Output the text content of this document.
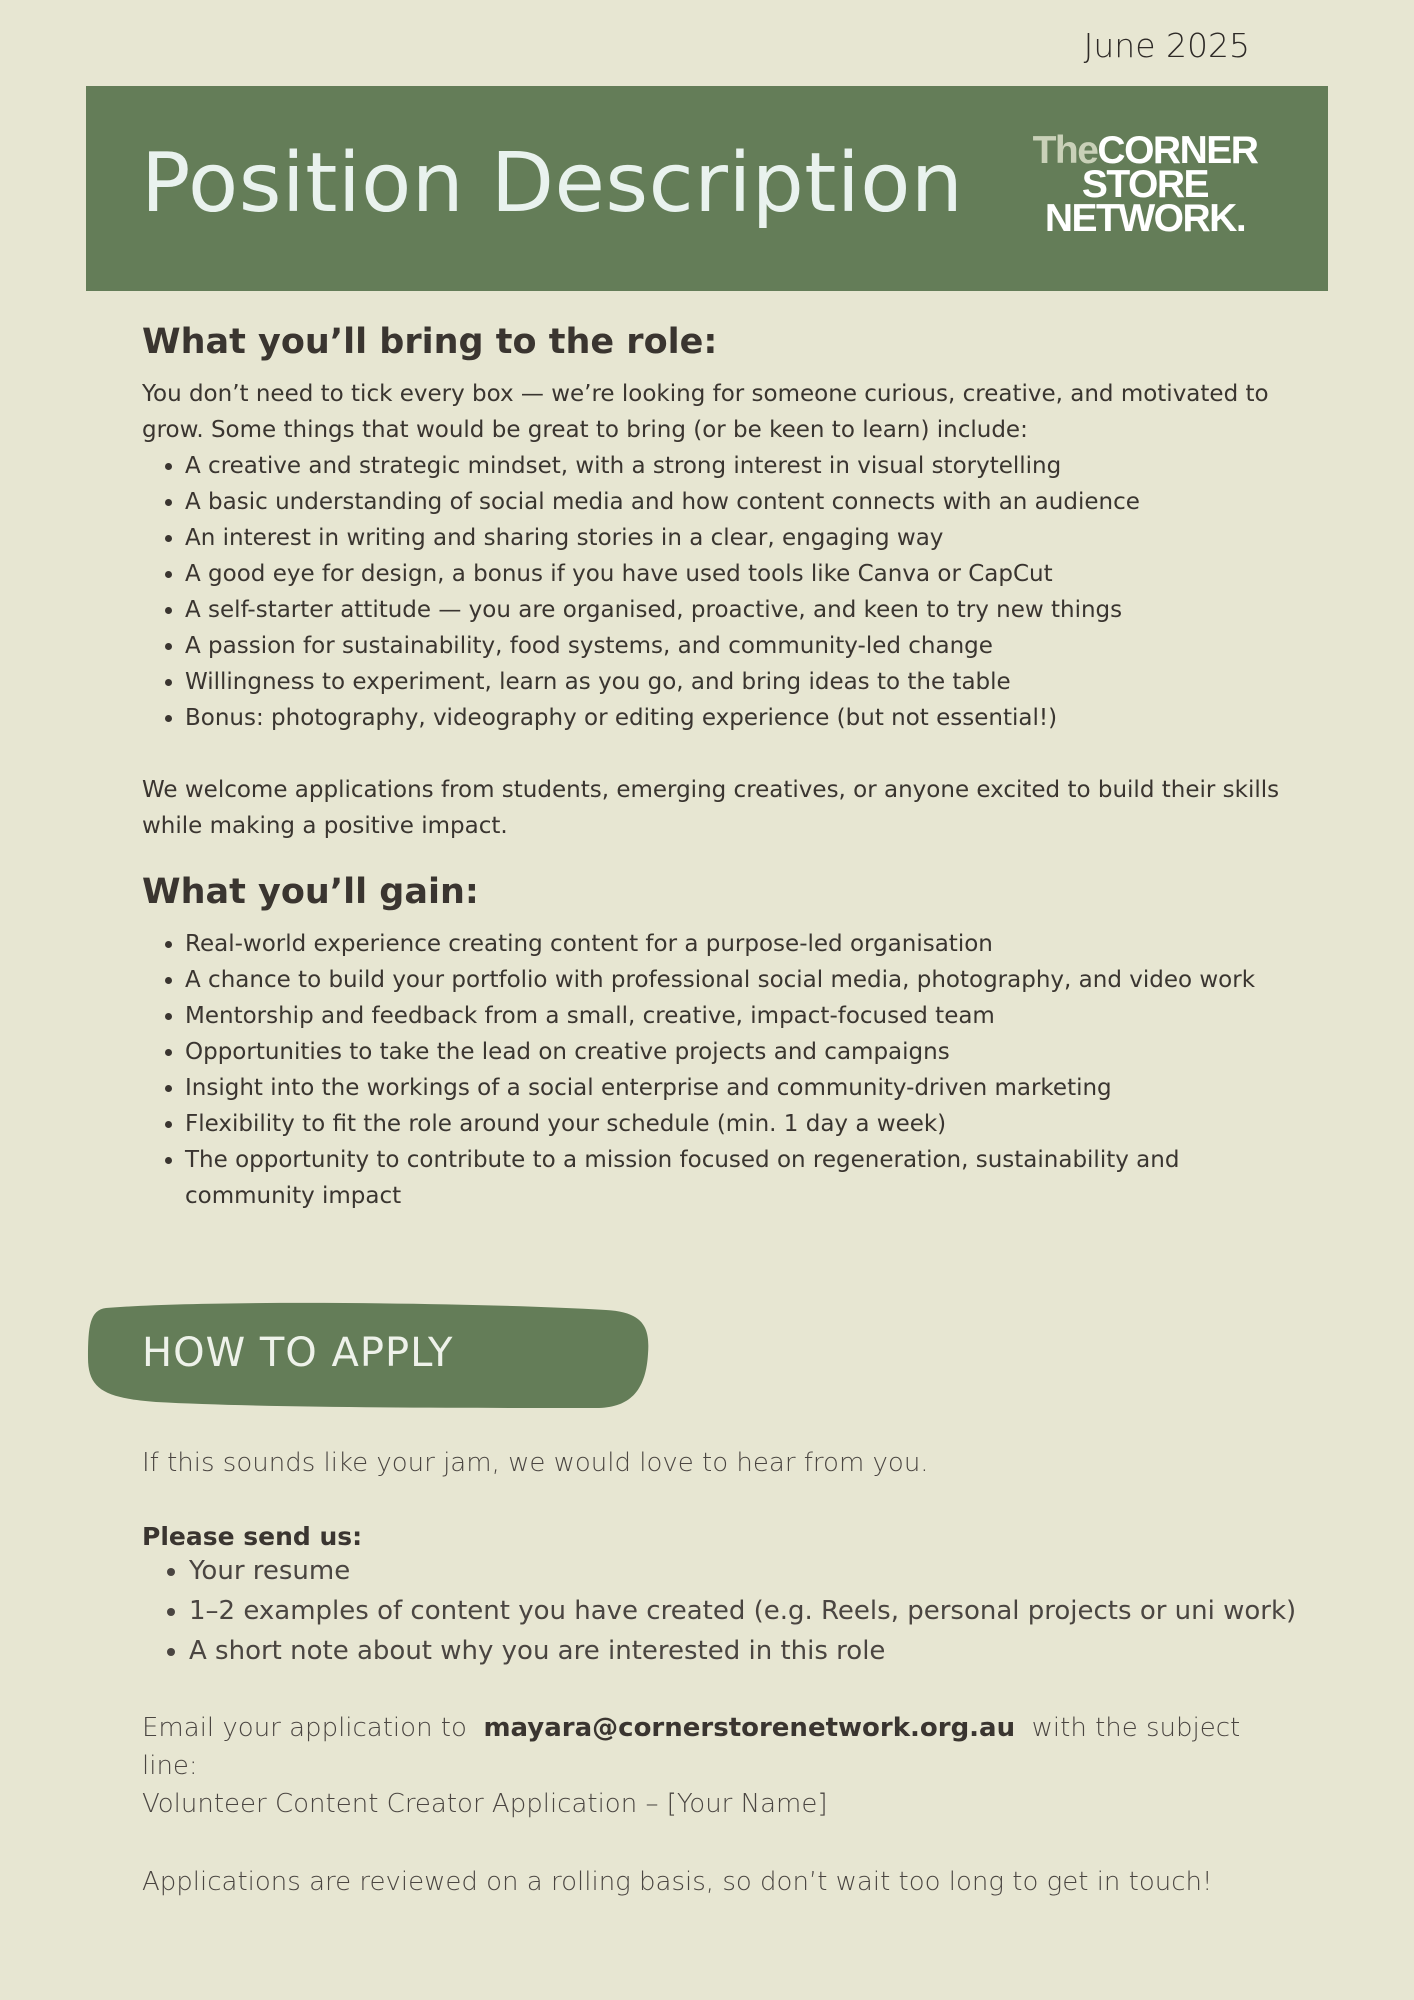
June 2025
Position Description	TheCORNER
STORE
NETWORK.
What you’ll bring to the role:

You don’t need to tick every box — we’re looking for someone curious, creative, and motivated to grow. Some things that would be great to bring (or be keen to learn) include:

• A creative and strategic mindset, with a strong interest in visual storytelling
• A basic understanding of social media and how content connects with an audience
• An interest in writing and sharing stories in a clear, engaging way
• A good eye for design, a bonus if you have used tools like Canva or CapCut
• A self-starter attitude — you are organised, proactive, and keen to try new things
• A passion for sustainability, food systems, and community-led change
• Willingness to experiment, learn as you go, and bring ideas to the table
• Bonus: photography, videography or editing experience (but not essential!)

We welcome applications from students, emerging creatives, or anyone excited to build their skills while making a positive impact.

What you’ll gain:
• Real-world experience creating content for a purpose-led organisation
• A chance to build your portfolio with professional social media, photography, and video work
• Mentorship and feedback from a small, creative, impact-focused team
• Opportunities to take the lead on creative projects and campaigns
• Insight into the workings of a social enterprise and community-driven marketing
• Flexibility to fit the role around your schedule (min. 1 day a week)
• The opportunity to contribute to a mission focused on regeneration, sustainability and community impact
HOW TO APPLY

If this sounds like your jam, we would love to hear from you.

Please send us:

• Your resume
• 1–2 examples of content you have created (e.g. Reels, personal projects or uni work)
• A short note about why you are interested in this role

Email your application to mayara@cornerstorenetwork.org.au with the subject line:

Volunteer Content Creator Application – [Your Name]

Applications are reviewed on a rolling basis, so don’t wait too long to get in touch!
